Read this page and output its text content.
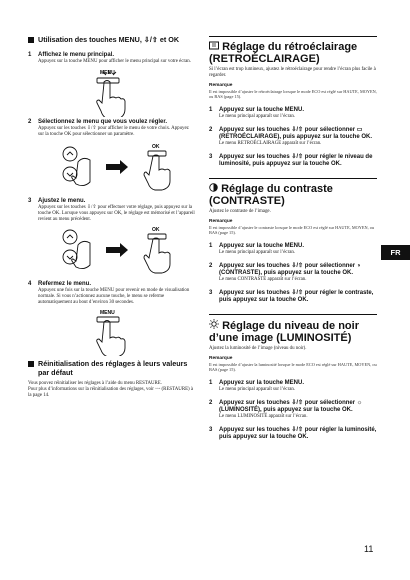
Utilisation des touches MENU, ⇩/⇧ et OK
1 Affichez le menu principal.
Appuyez sur la touche MENU pour afficher le menu principal sur votre écran.
MENU
2 Sélectionnez le menu que vous voulez régler.
Appuyez sur les touches ⇩/⇧ pour afficher le menu de votre choix. Appuyez sur la touche OK pour sélectionner un paramètre.
OK
3 Ajustez le menu.
Appuyez sur les touches ⇩/⇧ pour effectuer votre réglage, puis appuyez sur la touche OK. Lorsque vous appuyez sur OK, le réglage est mémorisé et l’appareil revient au menu précédent.
OK
4 Refermez le menu.
Appuyez une fois sur la touche MENU pour revenir en mode de visualisation normale. Si vous n’actionnez aucune touche, le menu se referme automatiquement au bout d’environ 30 secondes.
MENU
Réinitialisation des réglages à leurs valeurs par défaut
Vous pouvez réinitialiser les réglages à l’aide du menu RESTAURE.
Pour plus d’informations sur la réinitialisation des réglages, voir ◦◦◦ (RESTAURE) à la page 14.
Réglage du rétroéclairage (RETROÉCLAIRAGE)
Si l’écran est trop lumineux, ajustez le rétroéclairage pour rendre l’écran plus facile à regarder.
Remarque
Il est impossible d’ajuster le rétroéclairage lorsque le mode ECO est réglé sur HAUTE, MOYEN, ou BAS (page 15).
1 Appuyez sur la touche MENU.
Le menu principal apparaît sur l’écran.
2 Appuyez sur les touches ⇩/⇧ pour sélectionner ▭ (RETROÉCLAIRAGE), puis appuyez sur la touche OK.
Le menu RETROÉCLAIRAGE apparaît sur l’écran.
3 Appuyez sur les touches ⇩/⇧ pour régler le niveau de luminosité, puis appuyez sur la touche OK.
Réglage du contraste (CONTRASTE)
Ajustez le contraste de l’image.
Remarque
Il est impossible d’ajuster le contraste lorsque le mode ECO est réglé sur HAUTE, MOYEN, ou BAS (page 15).
1 Appuyez sur la touche MENU.
Le menu principal apparaît sur l’écran.
2 Appuyez sur les touches ⇩/⇧ pour sélectionner ◑ (CONTRASTE), puis appuyez sur la touche OK.
Le menu CONTRASTE apparaît sur l’écran.
3 Appuyez sur les touches ⇩/⇧ pour régler le contraste, puis appuyez sur la touche OK.
Réglage du niveau de noir d’une image (LUMINOSITÉ)
Ajustez la luminosité de l’image (niveau du noir).
Remarque
Il est impossible d’ajuster la luminosité lorsque le mode ECO est réglé sur HAUTE, MOYEN, ou BAS (page 15).
1 Appuyez sur la touche MENU.
Le menu principal apparaît sur l’écran.
2 Appuyez sur les touches ⇩/⇧ pour sélectionner ☼ (LUMINOSITÉ), puis appuyez sur la touche OK.
Le menu LUMINOSITÉ apparaît sur l’écran.
3 Appuyez sur les touches ⇩/⇧ pour régler la luminosité, puis appuyez sur la touche OK.
FR
11
